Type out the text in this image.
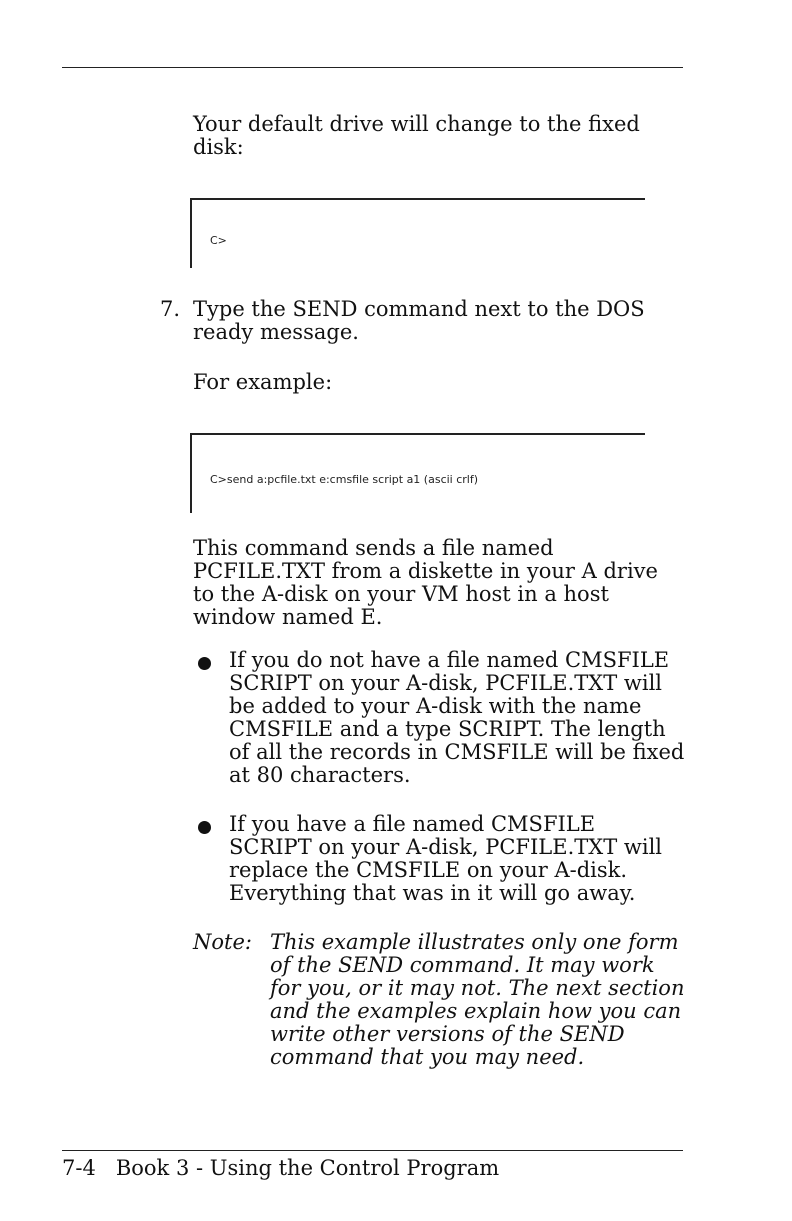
Your default drive will change to the fixed disk:

C>
7. Type the SEND command next to the DOS ready message.

For example:

C>send a:pcfile.txt e:cmsfile script a1 (ascii crlf)

This command sends a file named PCFILE.TXT from a diskette in your A drive to the A-disk on your VM host in a host window named E.

If you do not have a file named CMSFILE SCRIPT on your A-disk, PCFILE.TXT will be added to your A-disk with the name CMSFILE and a type SCRIPT. The length of all the records in CMSFILE will be fixed at 80 characters.

If you have a file named CMSFILE SCRIPT on your A-disk, PCFILE.TXT will replace the CMSFILE on your A-disk. Everything that was in it will go away.

Note: This example illustrates only one form of the SEND command. It may work for you, or it may not. The next section and the examples explain how you can write other versions of the SEND command that you may need.

7-4   Book 3 - Using the Control Program
